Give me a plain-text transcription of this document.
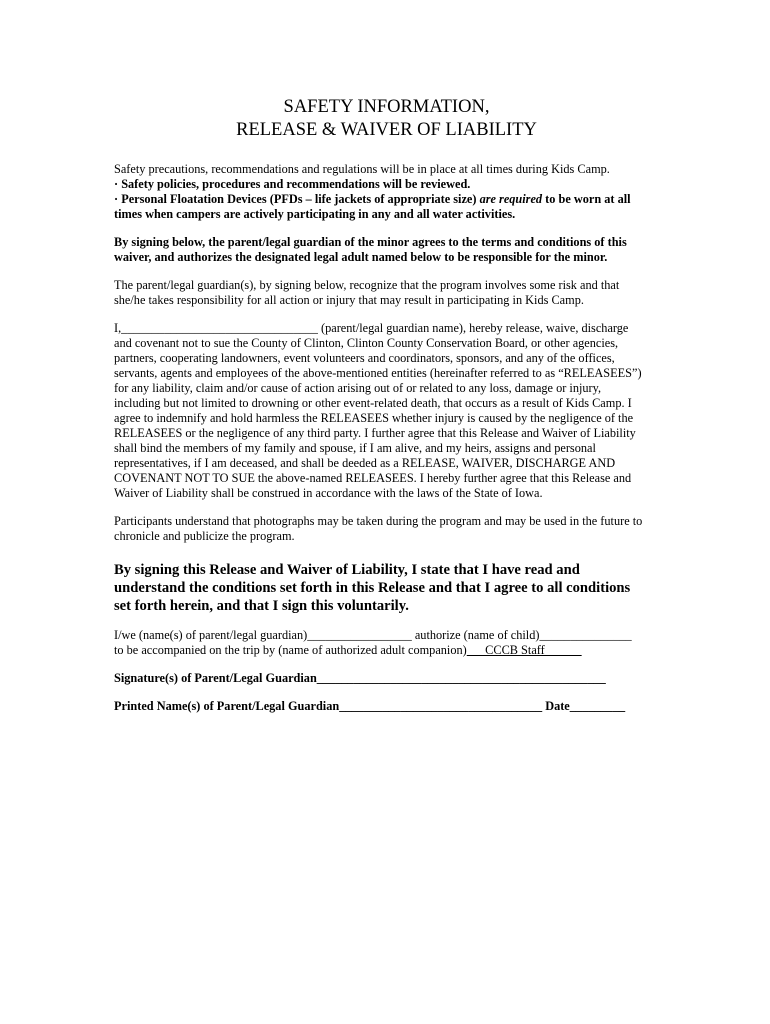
SAFETY INFORMATION,
RELEASE & WAIVER OF LIABILITY
Safety precautions, recommendations and regulations will be in place at all times during Kids Camp.
· Safety policies, procedures and recommendations will be reviewed.
· Personal Floatation Devices (PFDs – life jackets of appropriate size) are required to be worn at all
times when campers are actively participating in any and all water activities.
By signing below, the parent/legal guardian of the minor agrees to the terms and conditions of this
waiver, and authorizes the designated legal adult named below to be responsible for the minor.
The parent/legal guardian(s), by signing below, recognize that the program involves some risk and that
she/he takes responsibility for all action or injury that may result in participating in Kids Camp.
I,________________________________ (parent/legal guardian name), hereby release, waive, discharge
and covenant not to sue the County of Clinton, Clinton County Conservation Board, or other agencies,
partners, cooperating landowners, event volunteers and coordinators, sponsors, and any of the offices,
servants, agents and employees of the above-mentioned entities (hereinafter referred to as “RELEASEES”)
for any liability, claim and/or cause of action arising out of or related to any loss, damage or injury,
including but not limited to drowning or other event-related death, that occurs as a result of Kids Camp. I
agree to indemnify and hold harmless the RELEASEES whether injury is caused by the negligence of the
RELEASEES or the negligence of any third party. I further agree that this Release and Waiver of Liability
shall bind the members of my family and spouse, if I am alive, and my heirs, assigns and personal
representatives, if I am deceased, and shall be deeded as a RELEASE, WAIVER, DISCHARGE AND
COVENANT NOT TO SUE the above-named RELEASEES. I hereby further agree that this Release and
Waiver of Liability shall be construed in accordance with the laws of the State of Iowa.
Participants understand that photographs may be taken during the program and may be used in the future to
chronicle and publicize the program.
By signing this Release and Waiver of Liability, I state that I have read and
understand the conditions set forth in this Release and that I agree to all conditions
set forth herein, and that I sign this voluntarily.
I/we (name(s) of parent/legal guardian)_________________ authorize (name of child)_______________
to be accompanied on the trip by (name of authorized adult companion)      CCCB Staff
Signature(s) of Parent/Legal Guardian_______________________________________________
Printed Name(s) of Parent/Legal Guardian_________________________________ Date_________
